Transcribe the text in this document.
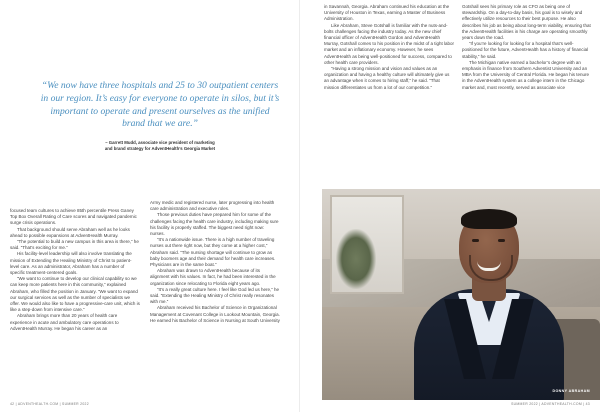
“We now have three hospitals and 25 to 30 outpatient centers in our region. It’s easy for everyone to operate in silos, but it’s important to operate and present ourselves as the unified brand that we are.”

– Garrett Mudd, associate vice president of marketing
and brand strategy for AdventHealth’s Georgia Market

focused team cultures to achieve 85th percentile Press Ganey Top Box Overall Rating of Care scores and navigated pandemic surge crisis operations.

That background should serve Abraham well as he looks ahead to possible expansions at AdventHealth Murray.

“The potential to build a new campus in this area is there,” he said. “That’s exciting for me.”

His facility-level leadership will also involve translating the mission of Extending the Healing Ministry of Christ to patient-level care. As an administrator, Abraham has a number of specific treatment-centered goals.

“We want to continue to develop our clinical capability so we can keep more patients here in this community,” explained Abraham, who filled the position in January. “We want to expand our surgical services as well as the number of specialists we offer. We would also like to have a progressive-care unit, which is like a step-down from intensive care.”

Abraham brings more than 20 years of health care experience in acute and ambulatory care operations to AdventHealth Murray. He began his career as an

Army medic and registered nurse, later progressing into health care administration and executive roles.

Those previous duties have prepared him for some of the challenges facing the health care industry, including making sure his facility is properly staffed. The biggest need right now: nurses.

“It’s a nationwide issue. There is a high number of traveling nurses out there right now, but they come at a higher cost,” Abraham said. “The nursing shortage will continue to grow as baby boomers age and their demand for health care increases. Physicians are in the same boat.”

Abraham was drawn to AdventHealth because of its alignment with his values. In fact, he had been interested in the organization since relocating to Florida eight years ago.

“It’s a really great culture here. I feel like God led us here,” he said. “Extending the Healing Ministry of Christ really resonates with me.”

Abraham received his Bachelor of Science in Organizational Management at Covenant College in Lookout Mountain, Georgia. He earned his Bachelor of Science in Nursing at South University

42 | ADVENTHEALTH.COM | SUMMER 2022

in Savannah, Georgia. Abraham continued his education at the University of Houston in Texas, earning a Master of Business Administration.

Like Abraham, Steve Gotshall is familiar with the nuts-and-bolts challenges facing the industry today. As the new chief financial officer of AdventHealth Gordon and AdventHealth Murray, Gotshall comes to his position in the midst of a tight labor market and an inflationary economy. However, he sees AdventHealth as being well-positioned for success, compared to other health care providers.

“Having a strong mission and vision and values as an organization and having a healthy culture will ultimately give us an advantage when it comes to hiring staff,” he said. “That mission differentiates us from a lot of our competition.”

Gotshall sees his primary role as CFO as being one of stewardship. On a day-to-day basis, his goal is to wisely and effectively utilize resources to their best purpose. He also describes his job as being about long-term viability, ensuring that the AdventHealth facilities in his charge are operating smoothly years down the road.

“If you’re looking for looking for a hospital that’s well-positioned for the future, AdventHealth has a history of financial stability,” he said.

The Michigan native earned a bachelor’s degree with an emphasis in finance from Southern Adventist University and an MBA from the University of Central Florida. He began his tenure in the AdventHealth system as a college intern in the Chicago market and, most recently, served as associate vice

DONNY ABRAHAM
SUMMER 2022 | ADVENTHEALTH.COM | 43
